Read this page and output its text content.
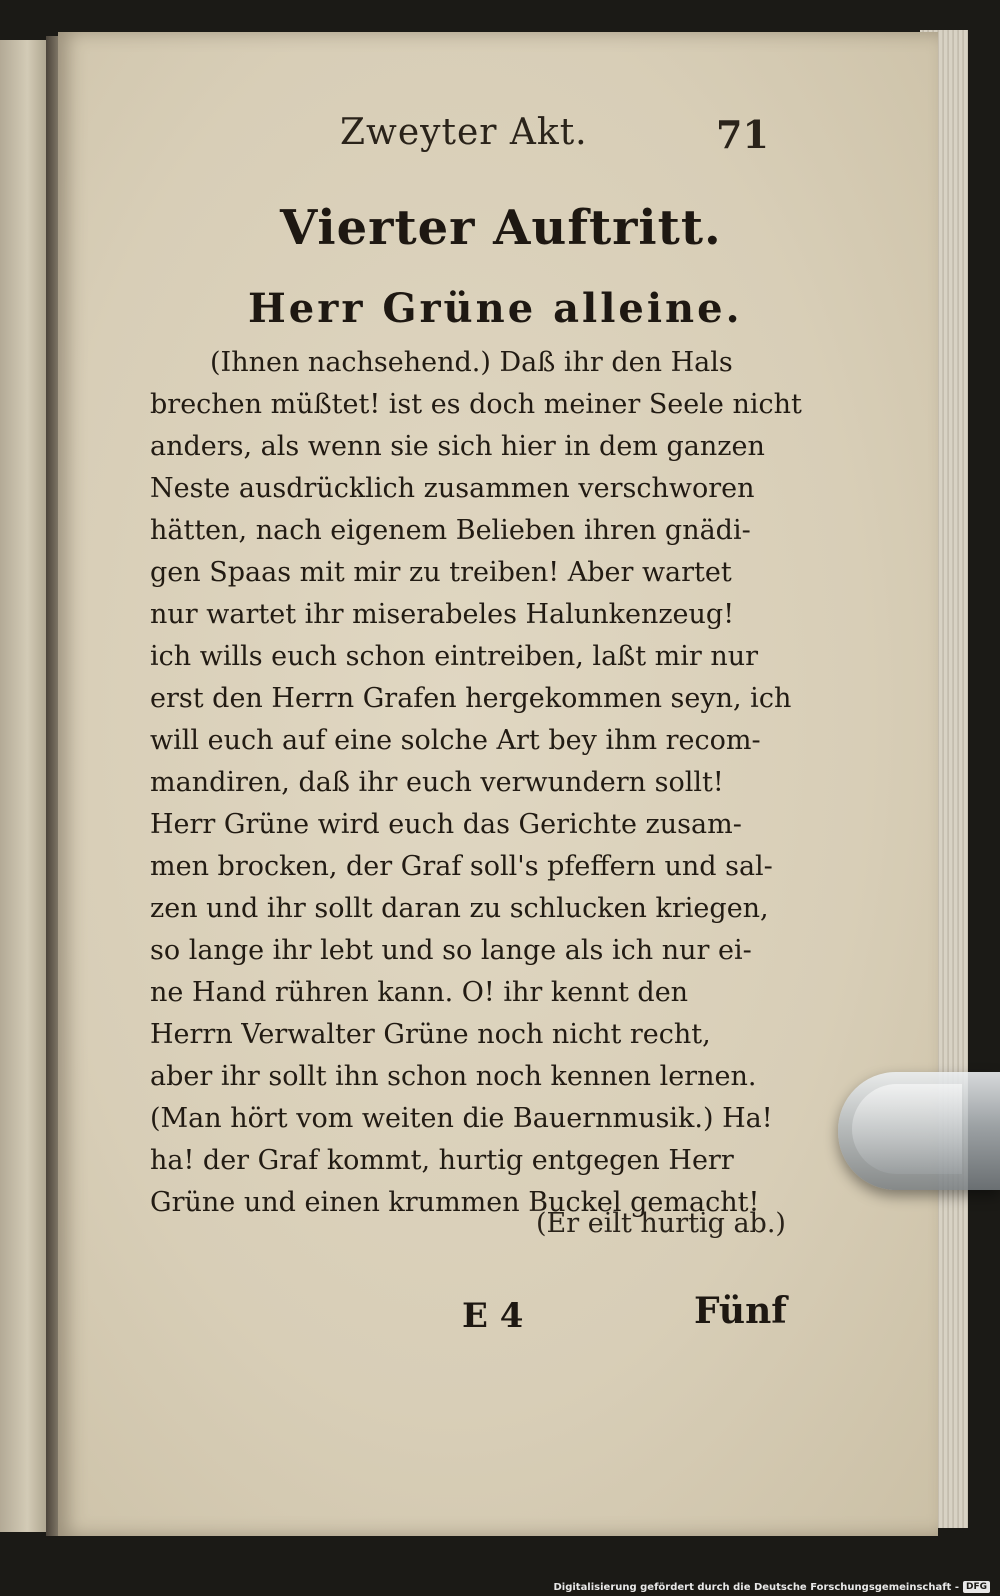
Zweyter Akt.	71
Vierter Auftritt.
Herr Grüne alleine.
(Ihnen nachsehend.) Daß ihr den Hals
brechen müßtet! ist es doch meiner Seele nicht
anders, als wenn sie sich hier in dem ganzen
Neste ausdrücklich zusammen verschworen
hätten, nach eigenem Belieben ihren gnädi-
gen Spaas mit mir zu treiben! Aber wartet
nur wartet ihr miserabeles Halunkenzeug!
ich wills euch schon eintreiben, laßt mir nur
erst den Herrn Grafen hergekommen seyn, ich
will euch auf eine solche Art bey ihm recom-
mandiren, daß ihr euch verwundern sollt!
Herr Grüne wird euch das Gerichte zusam-
men brocken, der Graf soll's pfeffern und sal-
zen und ihr sollt daran zu schlucken kriegen,
so lange ihr lebt und so lange als ich nur ei-
ne Hand rühren kann. O! ihr kennt den
Herrn Verwalter Grüne noch nicht recht,
aber ihr sollt ihn schon noch kennen lernen.
(Man hört vom weiten die Bauernmusik.) Ha!
ha! der Graf kommt, hurtig entgegen Herr
Grüne und einen krummen Buckel gemacht!
(Er eilt hurtig ab.)
E 4	Fünf
Digitalisierung gefördert durch die Deutsche Forschungsgemeinschaft - DFG
